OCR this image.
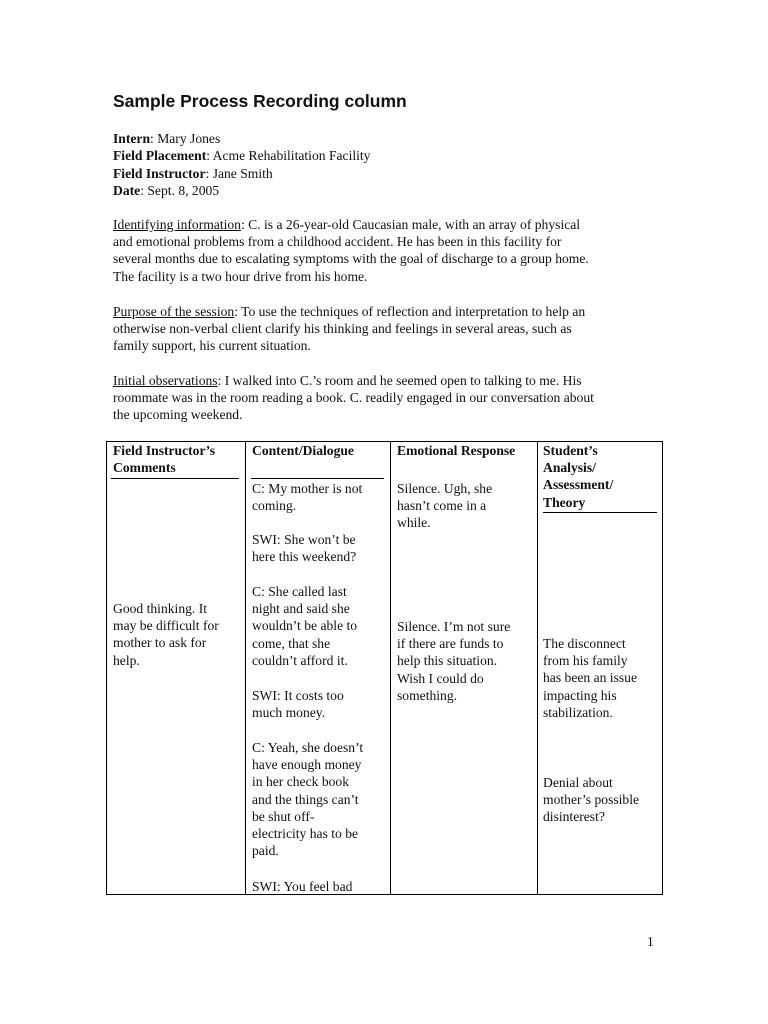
Sample Process Recording column
Intern: Mary Jones
Field Placement: Acme Rehabilitation Facility
Field Instructor: Jane Smith
Date: Sept. 8, 2005
Identifying information: C. is a 26-year-old Caucasian male, with an array of physical
and emotional problems from a childhood accident. He has been in this facility for
several months due to escalating symptoms with the goal of discharge to a group home.
The facility is a two hour drive from his home.
Purpose of the session: To use the techniques of reflection and interpretation to help an
otherwise non-verbal client clarify his thinking and feelings in several areas, such as
family support, his current situation.
Initial observations: I walked into C.’s room and he seemed open to talking to me. His
roommate was in the room reading a book. C. readily engaged in our conversation about
the upcoming weekend.
Field Instructor’s
Comments
Content/Dialogue	Emotional Response Student’s
Analysis/
Assessment/
Theory
Good thinking. It
may be difficult for
mother to ask for
help.
C: My mother is not
coming.
SWI: She won’t be
here this weekend?
C: She called last
night and said she
wouldn’t be able to
come, that she
couldn’t afford it.
SWI: It costs too
much money.
C: Yeah, she doesn’t
have enough money
in her check book
and the things can’t
be shut off-
electricity has to be
paid.
SWI: You feel bad
Silence. Ugh, she
hasn’t come in a
while.
Silence. I’m not sure
if there are funds to
help this situation.
Wish I could do
something.
The disconnect
from his family
has been an issue
impacting his
stabilization.
Denial about
mother’s possible
disinterest?
1
